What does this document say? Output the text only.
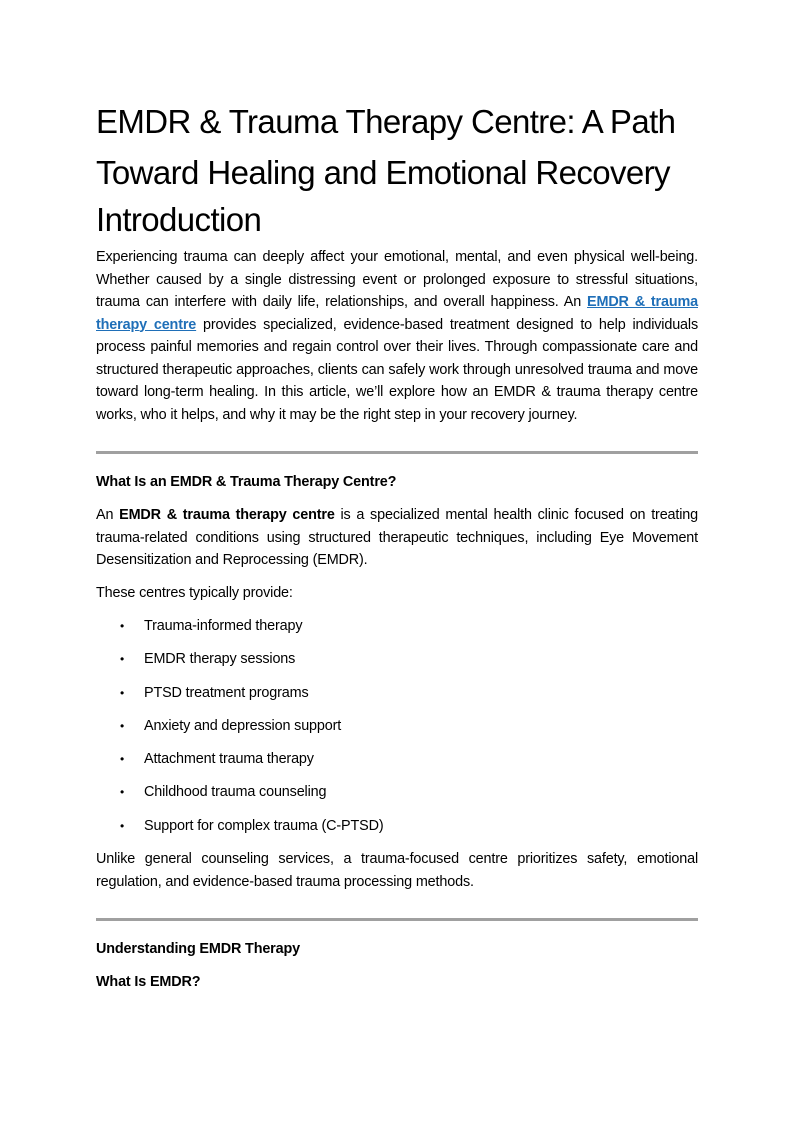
EMDR & Trauma Therapy Centre: A Path
Toward Healing and Emotional Recovery
Introduction

Experiencing trauma can deeply affect your emotional, mental, and even physical well-being. Whether caused by a single distressing event or prolonged exposure to stressful situations, trauma can interfere with daily life, relationships, and overall happiness. An EMDR & trauma therapy centre provides specialized, evidence-based treatment designed to help individuals process painful memories and regain control over their lives. Through compassionate care and structured therapeutic approaches, clients can safely work through unresolved trauma and move toward long-term healing. In this article, we’ll explore how an EMDR & trauma therapy centre works, who it helps, and why it may be the right step in your recovery journey.

What Is an EMDR & Trauma Therapy Centre?

An EMDR & trauma therapy centre is a specialized mental health clinic focused on treating trauma-related conditions using structured therapeutic techniques, including Eye Movement Desensitization and Reprocessing (EMDR).

These centres typically provide:

• Trauma-informed therapy
• EMDR therapy sessions
• PTSD treatment programs
• Anxiety and depression support
• Attachment trauma therapy
• Childhood trauma counseling
• Support for complex trauma (C-PTSD)

Unlike general counseling services, a trauma-focused centre prioritizes safety, emotional regulation, and evidence-based trauma processing methods.

Understanding EMDR Therapy
What Is EMDR?
